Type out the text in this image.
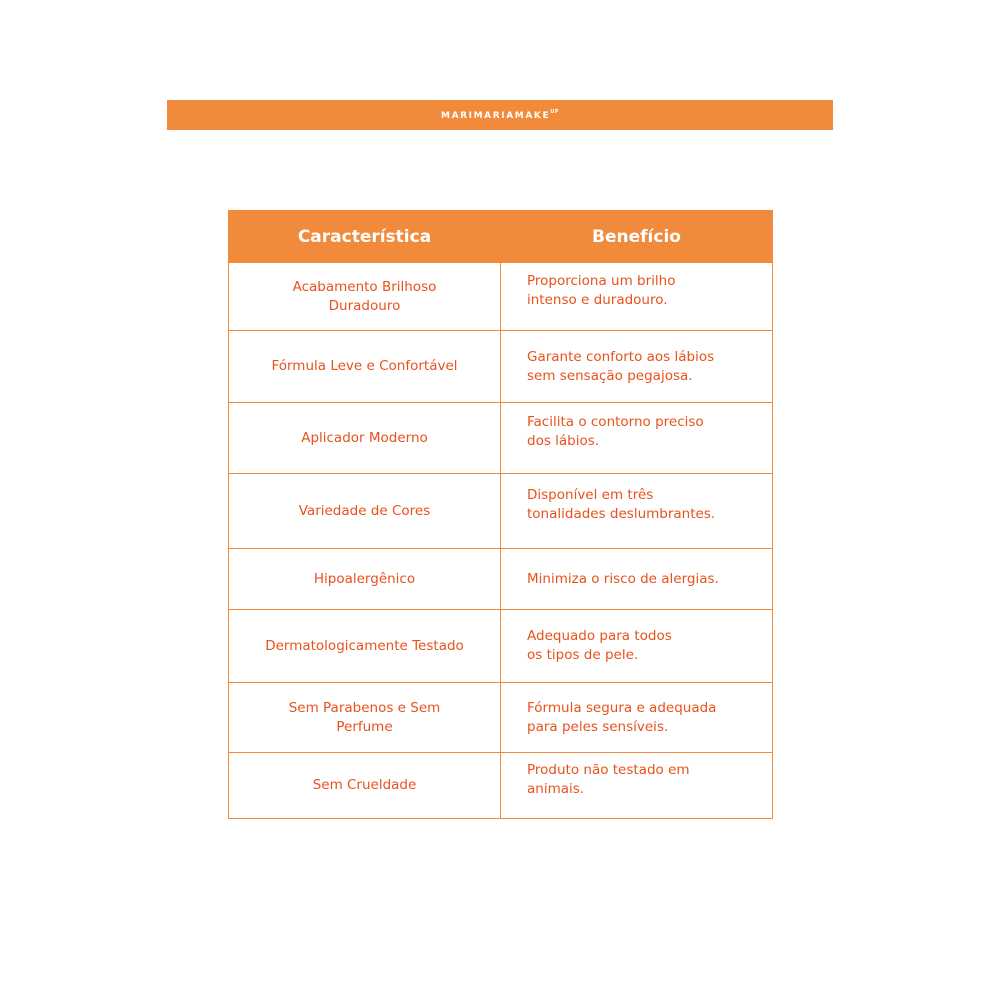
$MARIMARIAMAKE^{UP}$
Característica	Benefício
Acabamento Brilhoso Duradouro	Proporciona um brilho
intenso e duradouro.

Fórmula Leve e Confortável	Garante conforto aos lábios
sem sensação pegajosa.

Aplicador Moderno	Facilita o contorno preciso
dos lábios.

Variedade de Cores	Disponível em três
tonalidades deslumbrantes.

Hipoalergênico	Minimiza o risco de alergias.

Dermatologicamente Testado	Adequado para todos
os tipos de pele.

Sem Parabenos e Sem Perfume	Fórmula segura e adequada
para peles sensíveis.

Sem Crueldade	Produto não testado em
animais.
